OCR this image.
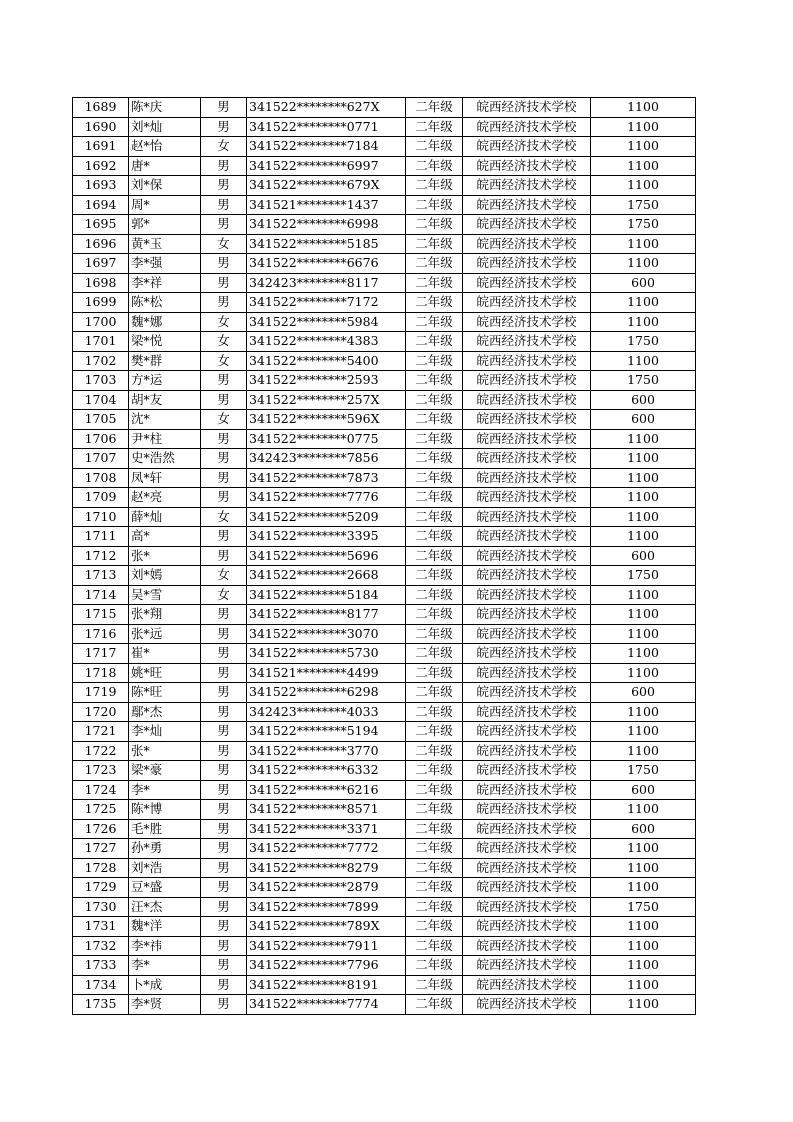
1689	陈*庆	男	341522********627X	二年级	皖西经济技术学校	1100
1690	刘*灿	男	341522********0771	二年级	皖西经济技术学校	1100
1691	赵*怡	女	341522********7184	二年级	皖西经济技术学校	1100
1692	唐*	男	341522********6997	二年级	皖西经济技术学校	1100
1693	刘*保	男	341522********679X	二年级	皖西经济技术学校	1100
1694	周*	男	341521********1437	二年级	皖西经济技术学校	1750
1695	郭*	男	341522********6998	二年级	皖西经济技术学校	1750
1696	黄*玉	女	341522********5185	二年级	皖西经济技术学校	1100
1697	李*强	男	341522********6676	二年级	皖西经济技术学校	1100
1698	李*祥	男	342423********8117	二年级	皖西经济技术学校	600
1699	陈*松	男	341522********7172	二年级	皖西经济技术学校	1100
1700	魏*娜	女	341522********5984	二年级	皖西经济技术学校	1100
1701	梁*悦	女	341522********4383	二年级	皖西经济技术学校	1750
1702	樊*群	女	341522********5400	二年级	皖西经济技术学校	1100
1703	方*运	男	341522********2593	二年级	皖西经济技术学校	1750
1704	胡*友	男	341522********257X	二年级	皖西经济技术学校	600
1705	沈*	女	341522********596X	二年级	皖西经济技术学校	600
1706	尹*柱	男	341522********0775	二年级	皖西经济技术学校	1100
1707	史*浩然	男	342423********7856	二年级	皖西经济技术学校	1100
1708	凤*轩	男	341522********7873	二年级	皖西经济技术学校	1100
1709	赵*亮	男	341522********7776	二年级	皖西经济技术学校	1100
1710	薛*灿	女	341522********5209	二年级	皖西经济技术学校	1100
1711	高*	男	341522********3395	二年级	皖西经济技术学校	1100
1712	张*	男	341522********5696	二年级	皖西经济技术学校	600
1713	刘*嫣	女	341522********2668	二年级	皖西经济技术学校	1750
1714	吴*雪	女	341522********5184	二年级	皖西经济技术学校	1100
1715	张*翔	男	341522********8177	二年级	皖西经济技术学校	1100
1716	张*远	男	341522********3070	二年级	皖西经济技术学校	1100
1717	崔*	男	341522********5730	二年级	皖西经济技术学校	1100
1718	姚*旺	男	341521********4499	二年级	皖西经济技术学校	1100
1719	陈*旺	男	341522********6298	二年级	皖西经济技术学校	600
1720	鄢*杰	男	342423********4033	二年级	皖西经济技术学校	1100
1721	李*灿	男	341522********5194	二年级	皖西经济技术学校	1100
1722	张*	男	341522********3770	二年级	皖西经济技术学校	1100
1723	梁*豪	男	341522********6332	二年级	皖西经济技术学校	1750
1724	李*	男	341522********6216	二年级	皖西经济技术学校	600
1725	陈*博	男	341522********8571	二年级	皖西经济技术学校	1100
1726	毛*胜	男	341522********3371	二年级	皖西经济技术学校	600
1727	孙*勇	男	341522********7772	二年级	皖西经济技术学校	1100
1728	刘*浩	男	341522********8279	二年级	皖西经济技术学校	1100
1729	豆*盛	男	341522********2879	二年级	皖西经济技术学校	1100
1730	汪*杰	男	341522********7899	二年级	皖西经济技术学校	1750
1731	魏*洋	男	341522********789X	二年级	皖西经济技术学校	1100
1732	李*祎	男	341522********7911	二年级	皖西经济技术学校	1100
1733	李*	男	341522********7796	二年级	皖西经济技术学校	1100
1734	卜*成	男	341522********8191	二年级	皖西经济技术学校	1100
1735	李*贤	男	341522********7774	二年级	皖西经济技术学校	1100
